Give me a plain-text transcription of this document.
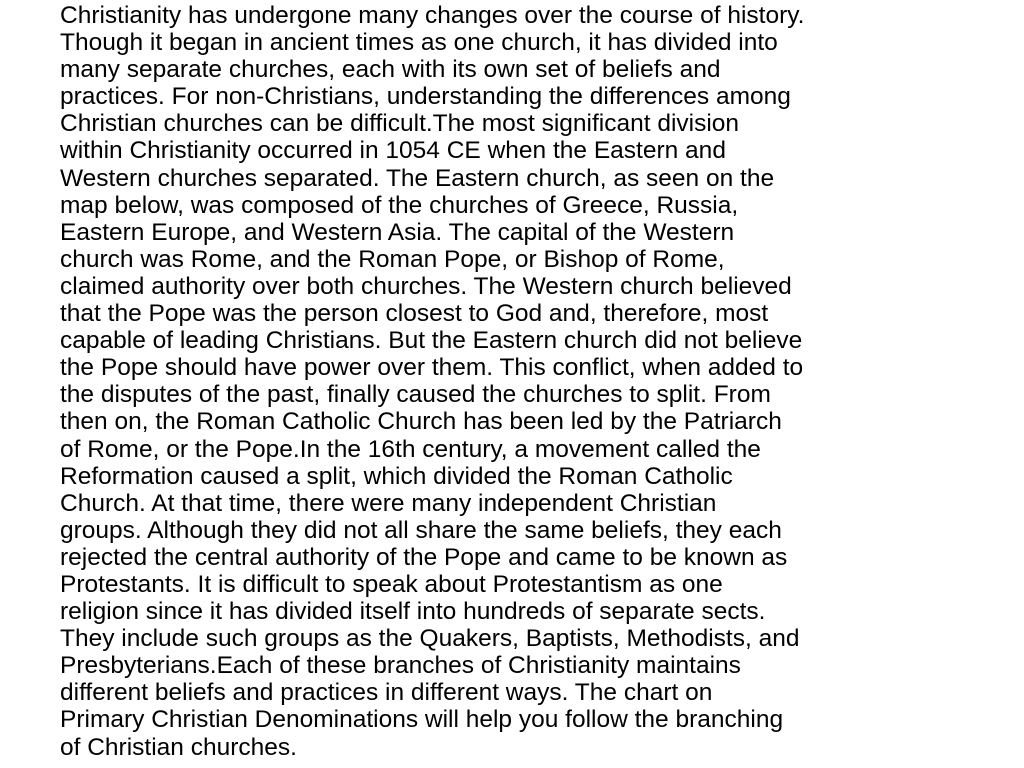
Christianity has undergone many changes over the course of history.
Though it began in ancient times as one church, it has divided into
many separate churches, each with its own set of beliefs and
practices. For non-Christians, understanding the differences among
Christian churches can be difficult.The most significant division
within Christianity occurred in 1054 CE when the Eastern and
Western churches separated. The Eastern church, as seen on the
map below, was composed of the churches of Greece, Russia,
Eastern Europe, and Western Asia. The capital of the Western
church was Rome, and the Roman Pope, or Bishop of Rome,
claimed authority over both churches. The Western church believed
that the Pope was the person closest to God and, therefore, most
capable of leading Christians. But the Eastern church did not believe
the Pope should have power over them. This conflict, when added to
the disputes of the past, finally caused the churches to split. From
then on, the Roman Catholic Church has been led by the Patriarch
of Rome, or the Pope.In the 16th century, a movement called the
Reformation caused a split, which divided the Roman Catholic
Church. At that time, there were many independent Christian
groups. Although they did not all share the same beliefs, they each
rejected the central authority of the Pope and came to be known as
Protestants. It is difficult to speak about Protestantism as one
religion since it has divided itself into hundreds of separate sects.
They include such groups as the Quakers, Baptists, Methodists, and
Presbyterians.Each of these branches of Christianity maintains
different beliefs and practices in different ways. The chart on
Primary Christian Denominations will help you follow the branching
of Christian churches.
